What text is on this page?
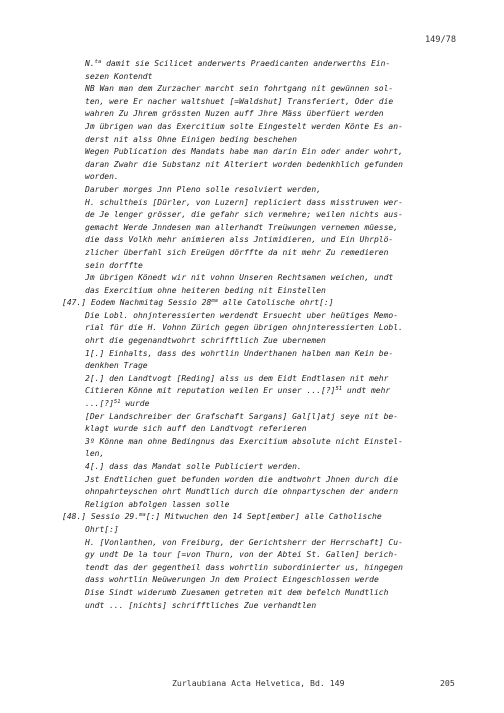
149/78
N.$^{ta}$ damit sie Scilicet anderwerts Praedicanten anderwerths Ein-
sezen Kontendt
NB Wan man dem Zurzacher marcht sein fohrtgang nit gewünnen sol-
ten, were Er nacher waltshuet [=Waldshut] Transferiert, Oder die
wahren Zu Jhrem grössten Nuzen auff Jhre Mäss überfüert werden
Jm übrigen wan das Exercitium solte Eingestelt werden Könte Es an-
derst nit alss Ohne Einigen beding beschehen
Wegen Publication des Mandats habe man darin Ein oder ander wohrt,
daran Zwahr die Substanz nit Alteriert worden bedenkhlich gefunden
worden.
Daruber morges Jnn Pleno solle resolviert werden,
H. schultheis [Dürler, von Luzern] repliciert dass misstruwen wer-
de Je lenger grösser, die gefahr sich vermehre; weilen nichts aus-
gemacht Werde Jnndesen man allerhandt Treüwungen vernemen müesse,
die dass Volkh mehr animieren alss Jntimidieren, und Ein Uhrplö-
zlicher überfahl sich Ereügen dörffte da nit mehr Zu remedieren
sein dorffte
Jm übrigen Könedt wir nit vohnn Unseren Rechtsamen weichen, undt
das Exercitium ohne heiteren beding nit Einstellen
[47.] Eodem Nachmitag Sessio $28^{ma}$ alle Catolische ohrt[:]
Die Lobl. ohnjnteressierten werdendt Ersuecht uber heütiges Memo-
rial für die H. Vohnn Zürich gegen übrigen ohnjnteressierten Lobl.
ohrt die gegenandtwohrt schrifftlich Zue ubernemen
1[.] Einhalts, dass des wohrtlin Underthanen halben man Kein be-
denkhen Trage
2[.] den Landtvogt [Reding] alss us dem Eidt Endtlasen nit mehr
Citieren Könne mit reputation weilen Er unser ...[?]$^{51}$ undt mehr
...[?]$^{51}$ wurde
[Der Landschreiber der Grafschaft Sargans] Gal[l]atj seye nit be-
klagt wurde sich auff den Landtvogt referieren
3º Könne man ohne Bedingnus das Exercitium absolute nicht Einstel-
len,
4[.] dass das Mandat solle Publiciert werden.
Jst Endtlichen guet befunden worden die andtwohrt Jhnen durch die
ohnpahrteyschen ohrt Mundtlich durch die ohnpartyschen der andern
Religion abfolgen lassen solle
[48.] Sessio 29.$^{ma}$[:] Mitwuchen den 14 Sept[ember] alle Catholische
Ohrt[:]
H. [Vonlanthen, von Freiburg, der Gerichtsherr der Herrschaft] Cu-
gy undt De la tour [=von Thurn, von der Abtei St. Gallen] berich-
tendt das der gegentheil dass wohrtlin subordinierter us, hingegen
dass wohrtlin Neüwerungen Jn dem Proiect Eingeschlossen werde
Dise Sindt widerumb Zuesamen getreten mit dem befelch Mundtlich
undt ... [nichts] schrifftliches Zue verhandtlen
Zurlaubiana Acta Helvetica, Bd. 149	205
